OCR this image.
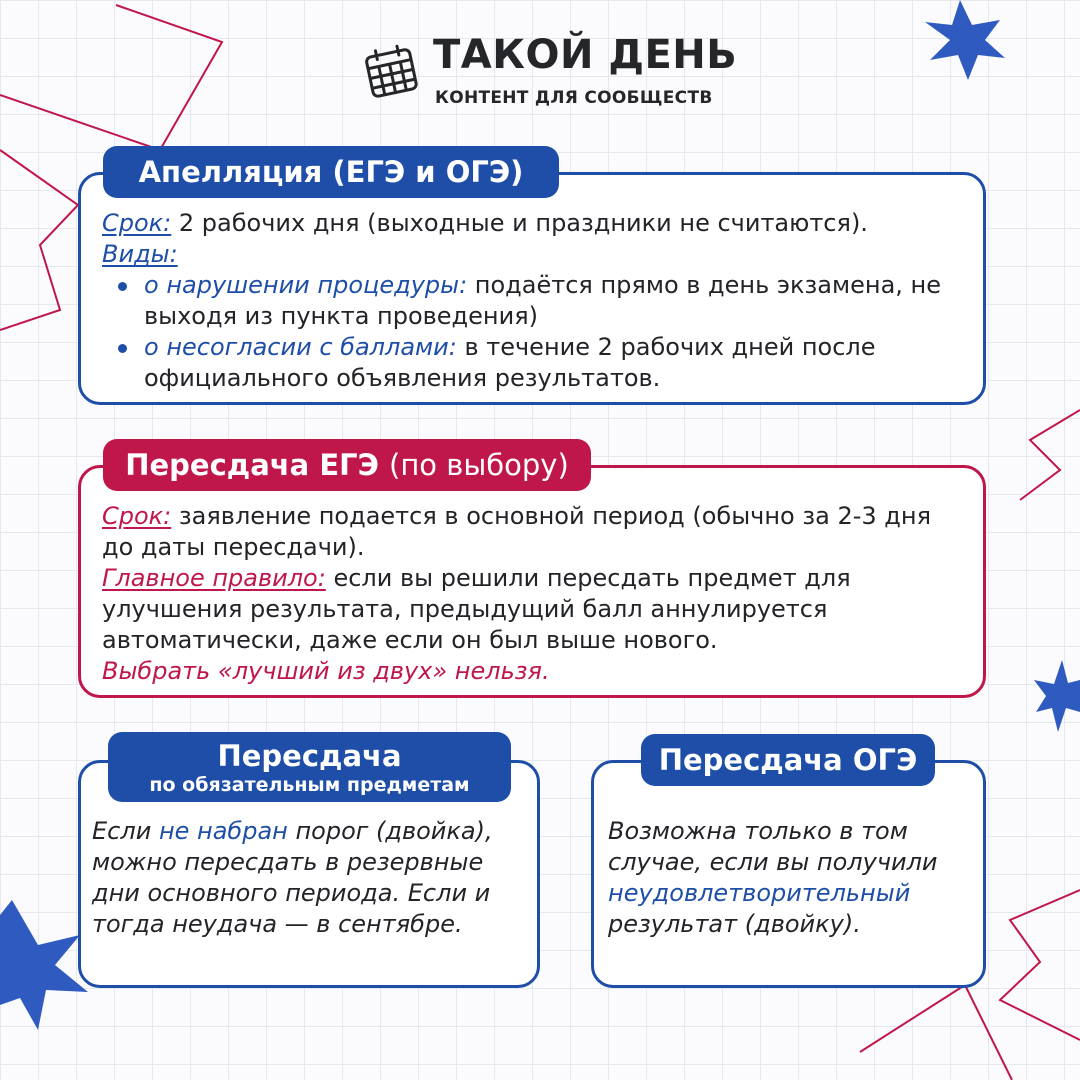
ТАКОЙ ДЕНЬ
КОНТЕНТ ДЛЯ СООБЩЕСТВ
Апелляция (ЕГЭ и ОГЭ)
Срок: 2 рабочих дня (выходные и праздники не считаются).
Виды:
о нарушении процедуры: подаётся прямо в день экзамена, не выходя из пункта проведения)
о несогласии с баллами: в течение 2 рабочих дней после официального объявления результатов.
Пересдача ЕГЭ (по выбору)
Срок: заявление подается в основной период (обычно за 2-3 дня до даты пересдачи).
Главное правило: если вы решили пересдать предмет для улучшения результата, предыдущий балл аннулируется автоматически, даже если он был выше нового.
Выбрать «лучший из двух» нельзя.
Пересдача
по обязательным предметам
Если не набран порог (двойка), можно пересдать в резервные дни основного периода. Если и тогда неудача — в сентябре.
Пересдача ОГЭ
Возможна только в том случае, если вы получили неудовлетворительный результат (двойку).
